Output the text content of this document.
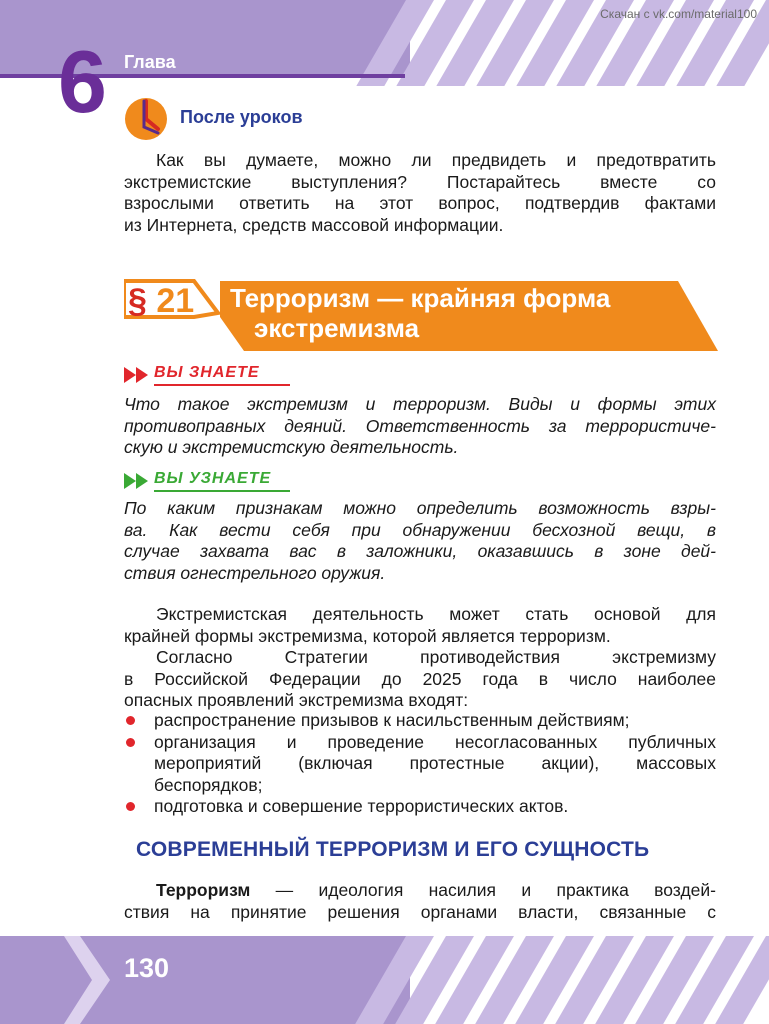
Скачан с vk.com/material100
6 Глава
После уроков
Как вы думаете, можно ли предвидеть и предотвратить
экстремистские выступления? Постарайтесь вместе со
взрослыми ответить на этот вопрос, подтвердив фактами
из Интернета, средств массовой информации.
§ 21 Терроризм — крайняя форма
экстремизма
ВЫ ЗНАЕТЕ
Что такое экстремизм и терроризм. Виды и формы этих
противоправных деяний. Ответственность за террористиче-
скую и экстремистскую деятельность.
ВЫ УЗНАЕТЕ
По каким признакам можно определить возможность взры-
ва. Как вести себя при обнаружении бесхозной вещи, в
случае захвата вас в заложники, оказавшись в зоне дей-
ствия огнестрельного оружия.
Экстремистская деятельность может стать основой для
крайней формы экстремизма, которой является терроризм.
Согласно Стратегии противодействия экстремизму
в Российской Федерации до 2025 года в число наиболее
опасных проявлений экстремизма входят:
распространение призывов к насильственным действиям;
организация и проведение несогласованных публичных
мероприятий (включая протестные акции), массовых
беспорядков;
подготовка и совершение террористических актов.
СОВРЕМЕННЫЙ ТЕРРОРИЗМ И ЕГО СУЩНОСТЬ
Терроризм — идеология насилия и практика воздей-
ствия на принятие решения органами власти, связанные с
130
